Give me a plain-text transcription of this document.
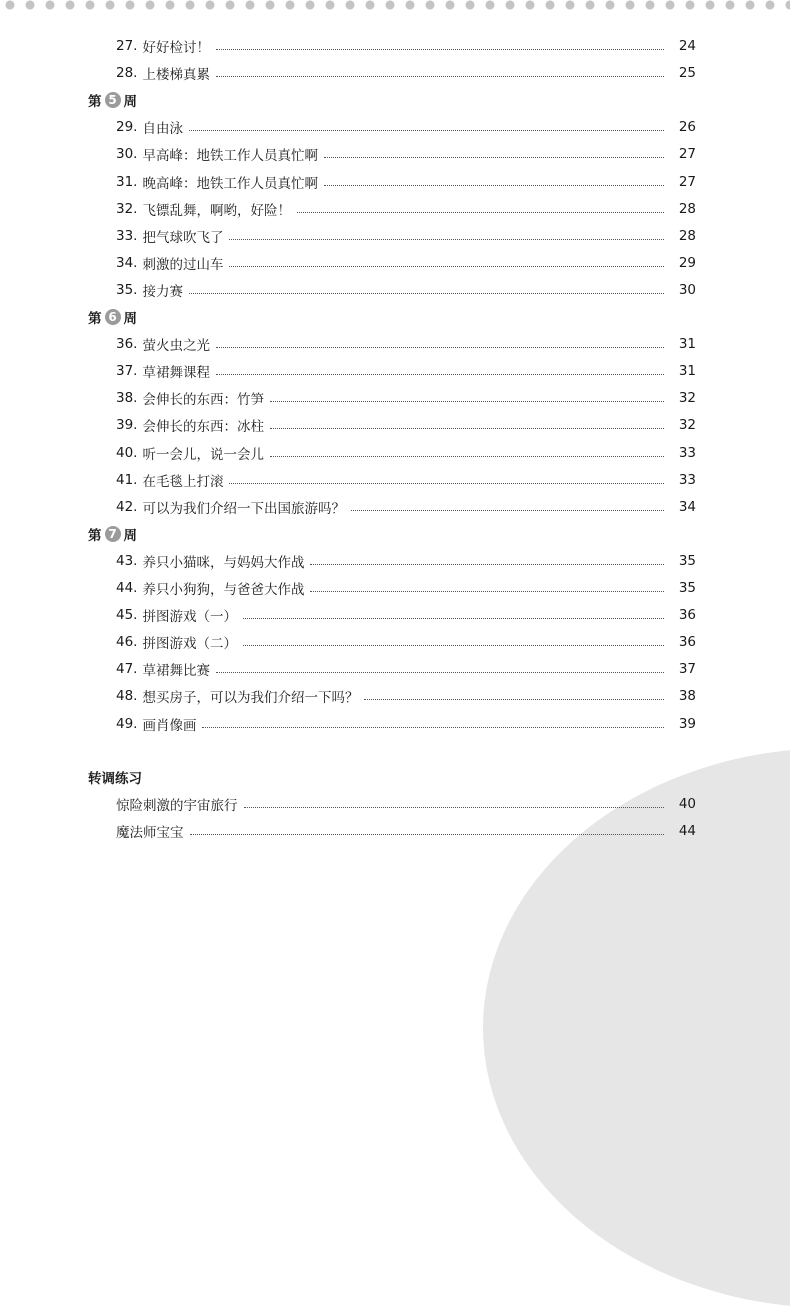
27. 好好检讨！	24
28. 上楼梯真累	25
第 5 周
29. 自由泳	26
30. 早高峰：地铁工作人员真忙啊	27
31. 晚高峰：地铁工作人员真忙啊	27
32. 飞镖乱舞，啊哟，好险！	28
33. 把气球吹飞了	28
34. 刺激的过山车	29
35. 接力赛	30
第 6 周
36. 萤火虫之光	31
37. 草裙舞课程	31
38. 会伸长的东西：竹笋	32
39. 会伸长的东西：冰柱	32
40. 听一会儿，说一会儿	33
41. 在毛毯上打滚	33
42. 可以为我们介绍一下出国旅游吗？	34
第 7 周
43. 养只小猫咪，与妈妈大作战	35
44. 养只小狗狗，与爸爸大作战	35
45. 拼图游戏（一）	36
46. 拼图游戏（二）	36
47. 草裙舞比赛	37
48. 想买房子，可以为我们介绍一下吗？	38
49. 画肖像画	39
转调练习
惊险刺激的宇宙旅行	40
魔法师宝宝	44
